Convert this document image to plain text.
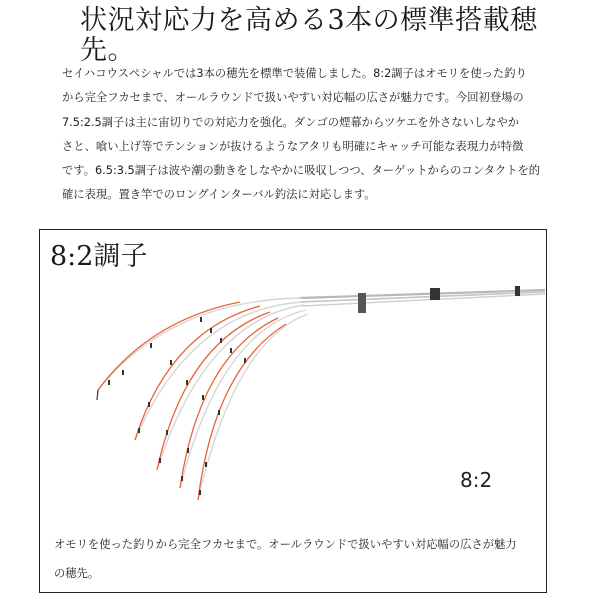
状況対応力を高める3本の標準搭載穂
先。
セイハコウスペシャルでは3本の穂先を標準で装備しました。8:2調子はオモリを使った釣り
から完全フカセまで、オールラウンドで扱いやすい対応幅の広さが魅力です。今回初登場の
7.5:2.5調子は主に宙切りでの対応力を強化。ダンゴの煙幕からツケエを外さないしなやか
さと、喰い上げ等でテンションが抜けるようなアタリも明確にキャッチ可能な表現力が特徴
です。6.5:3.5調子は波や潮の動きをしなやかに吸収しつつ、ターゲットからのコンタクトを的
確に表現。置き竿でのロングインターバル釣法に対応します。
8:2調子
8:2
オモリを使った釣りから完全フカセまで。オールラウンドで扱いやすい対応幅の広さが魅力
の穂先。
